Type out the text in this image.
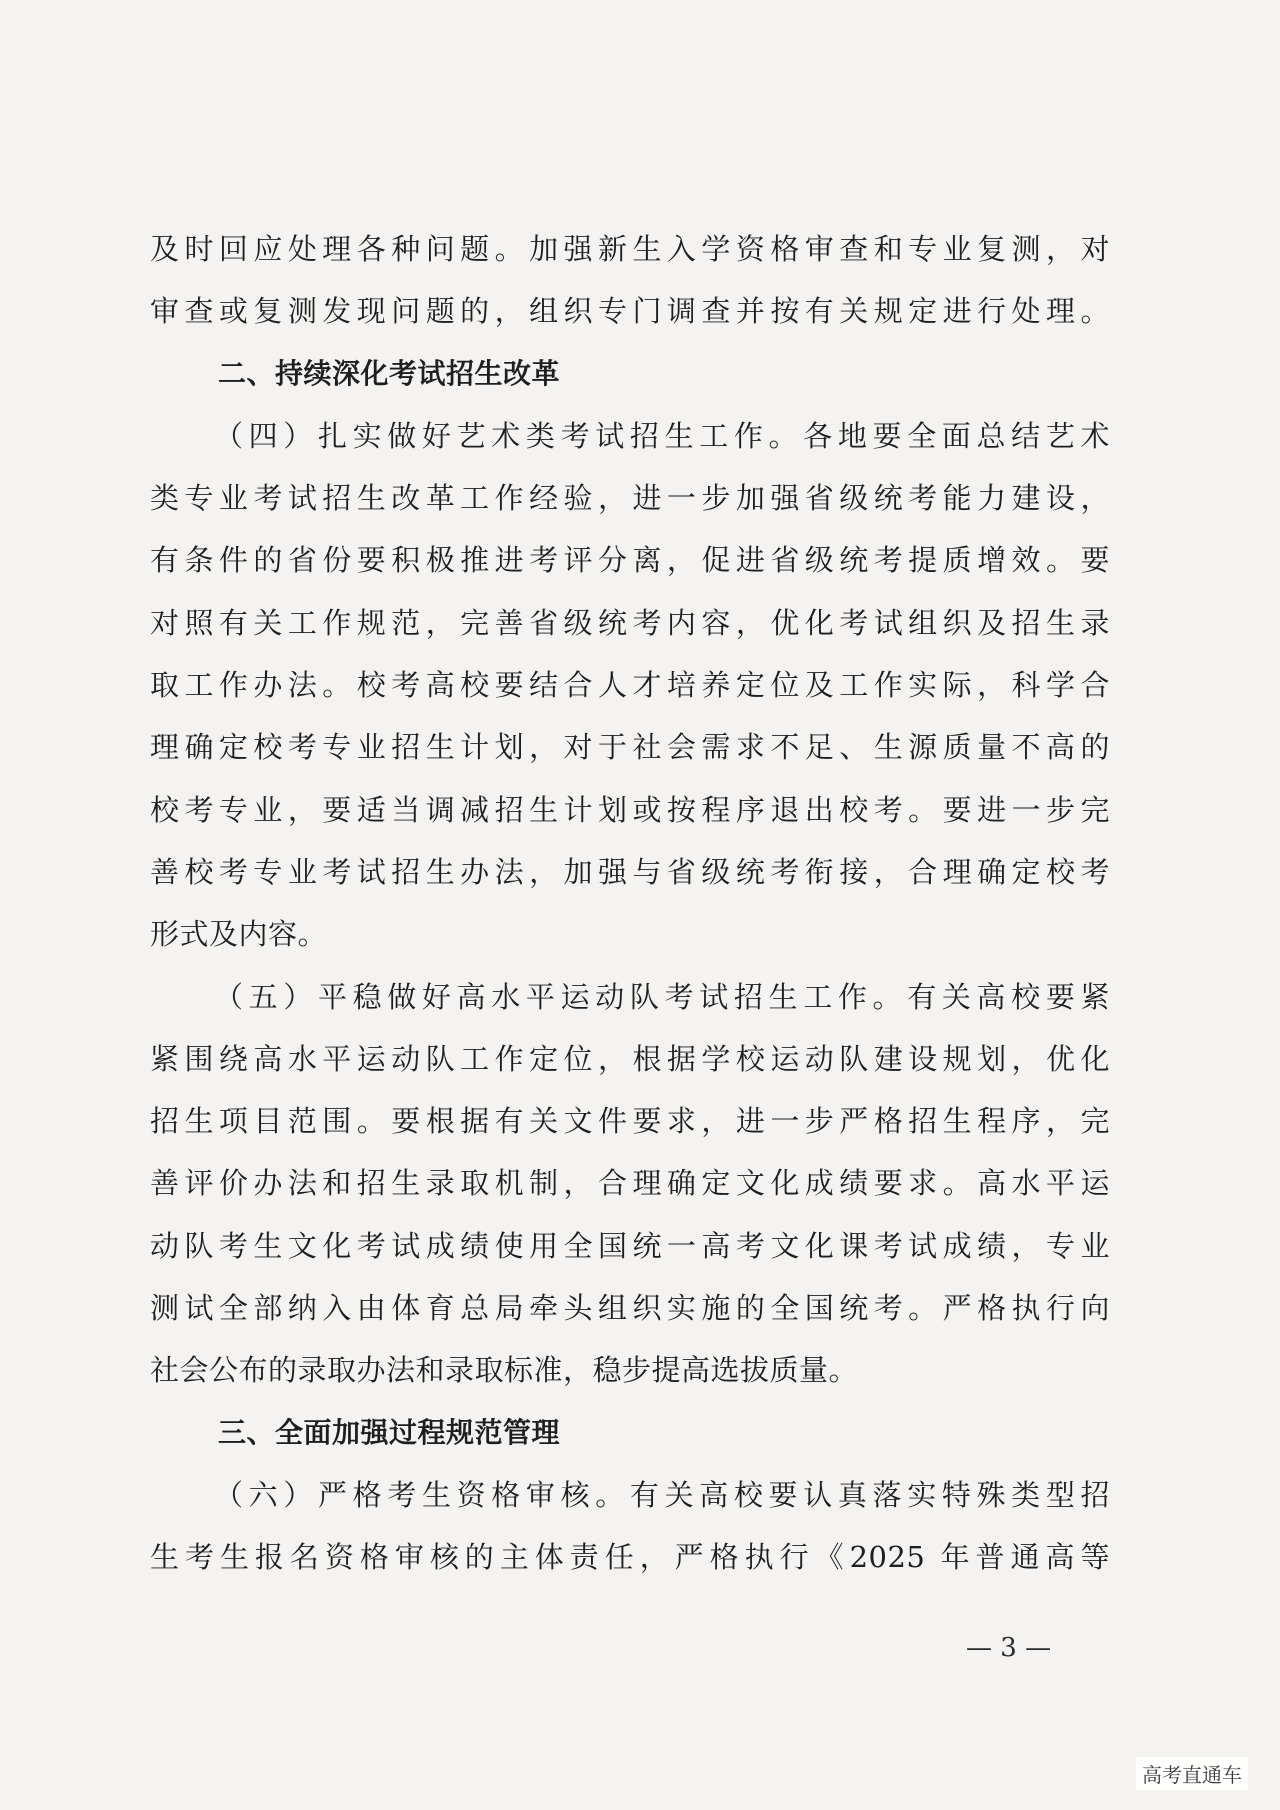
及时回应处理各种问题。加强新生入学资格审查和专业复测，对
审查或复测发现问题的，组织专门调查并按有关规定进行处理。
二、持续深化考试招生改革
（四）扎实做好艺术类考试招生工作。各地要全面总结艺术
类专业考试招生改革工作经验，进一步加强省级统考能力建设，
有条件的省份要积极推进考评分离，促进省级统考提质增效。要
对照有关工作规范，完善省级统考内容，优化考试组织及招生录
取工作办法。校考高校要结合人才培养定位及工作实际，科学合
理确定校考专业招生计划，对于社会需求不足、生源质量不高的
校考专业，要适当调减招生计划或按程序退出校考。要进一步完
善校考专业考试招生办法，加强与省级统考衔接，合理确定校考
形式及内容。
（五）平稳做好高水平运动队考试招生工作。有关高校要紧
紧围绕高水平运动队工作定位，根据学校运动队建设规划，优化
招生项目范围。要根据有关文件要求，进一步严格招生程序，完
善评价办法和招生录取机制，合理确定文化成绩要求。高水平运
动队考生文化考试成绩使用全国统一高考文化课考试成绩，专业
测试全部纳入由体育总局牵头组织实施的全国统考。严格执行向
社会公布的录取办法和录取标准，稳步提高选拔质量。
三、全面加强过程规范管理
（六）严格考生资格审核。有关高校要认真落实特殊类型招
生考生报名资格审核的主体责任，严格执行《2025 年普通高等
— 3 —
高考直通车
